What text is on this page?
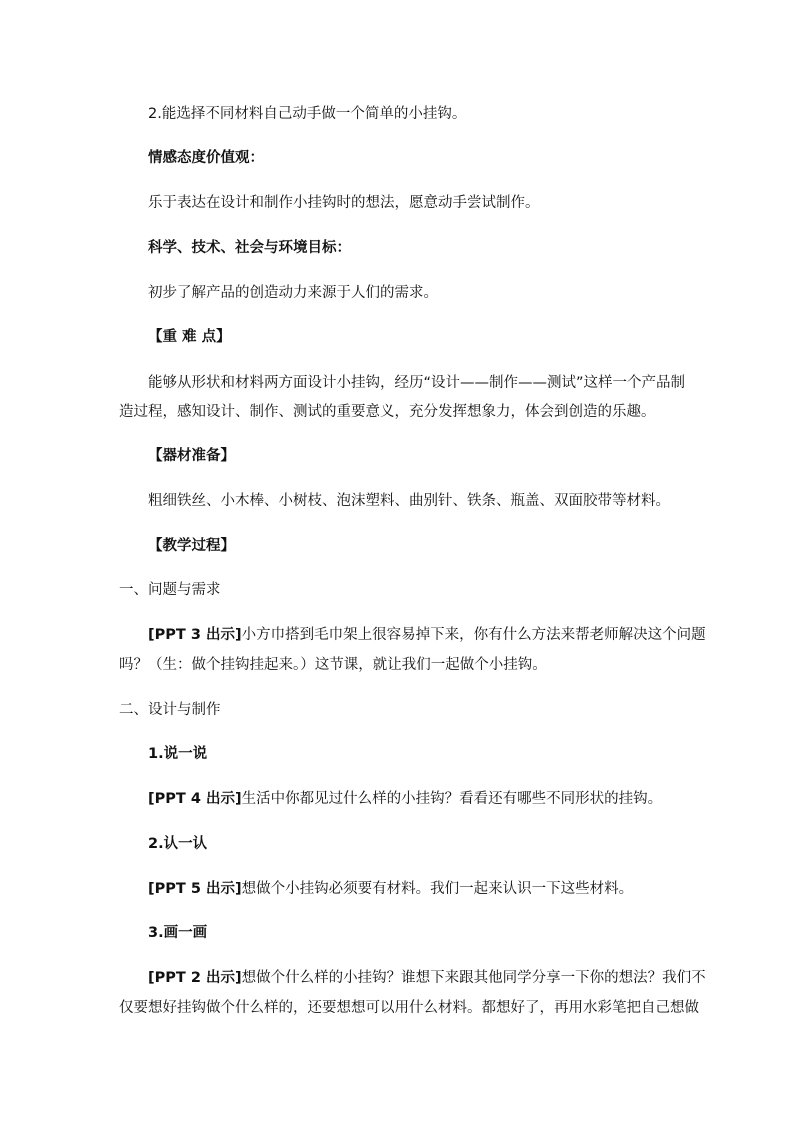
2.能选择不同材料自己动手做一个简单的小挂钩。
情感态度价值观：
乐于表达在设计和制作小挂钩时的想法，愿意动手尝试制作。
科学、技术、社会与环境目标：
初步了解产品的创造动力来源于人们的需求。
【重 难 点】
能够从形状和材料两方面设计小挂钩，经历“设计——制作——测试”这样一个产品制
造过程，感知设计、制作、测试的重要意义，充分发挥想象力，体会到创造的乐趣。
【器材准备】
粗细铁丝、小木棒、小树枝、泡沫塑料、曲别针、铁条、瓶盖、双面胶带等材料。
【教学过程】
一、问题与需求
[PPT 3 出示]小方巾搭到毛巾架上很容易掉下来，你有什么方法来帮老师解决这个问题
吗？（生：做个挂钩挂起来。）这节课，就让我们一起做个小挂钩。
二、设计与制作
1.说一说
[PPT 4 出示]生活中你都见过什么样的小挂钩？看看还有哪些不同形状的挂钩。
2.认一认
[PPT 5 出示]想做个小挂钩必须要有材料。我们一起来认识一下这些材料。
3.画一画
[PPT 2 出示]想做个什么样的小挂钩？谁想下来跟其他同学分享一下你的想法？我们不
仅要想好挂钩做个什么样的，还要想想可以用什么材料。都想好了，再用水彩笔把自己想做
